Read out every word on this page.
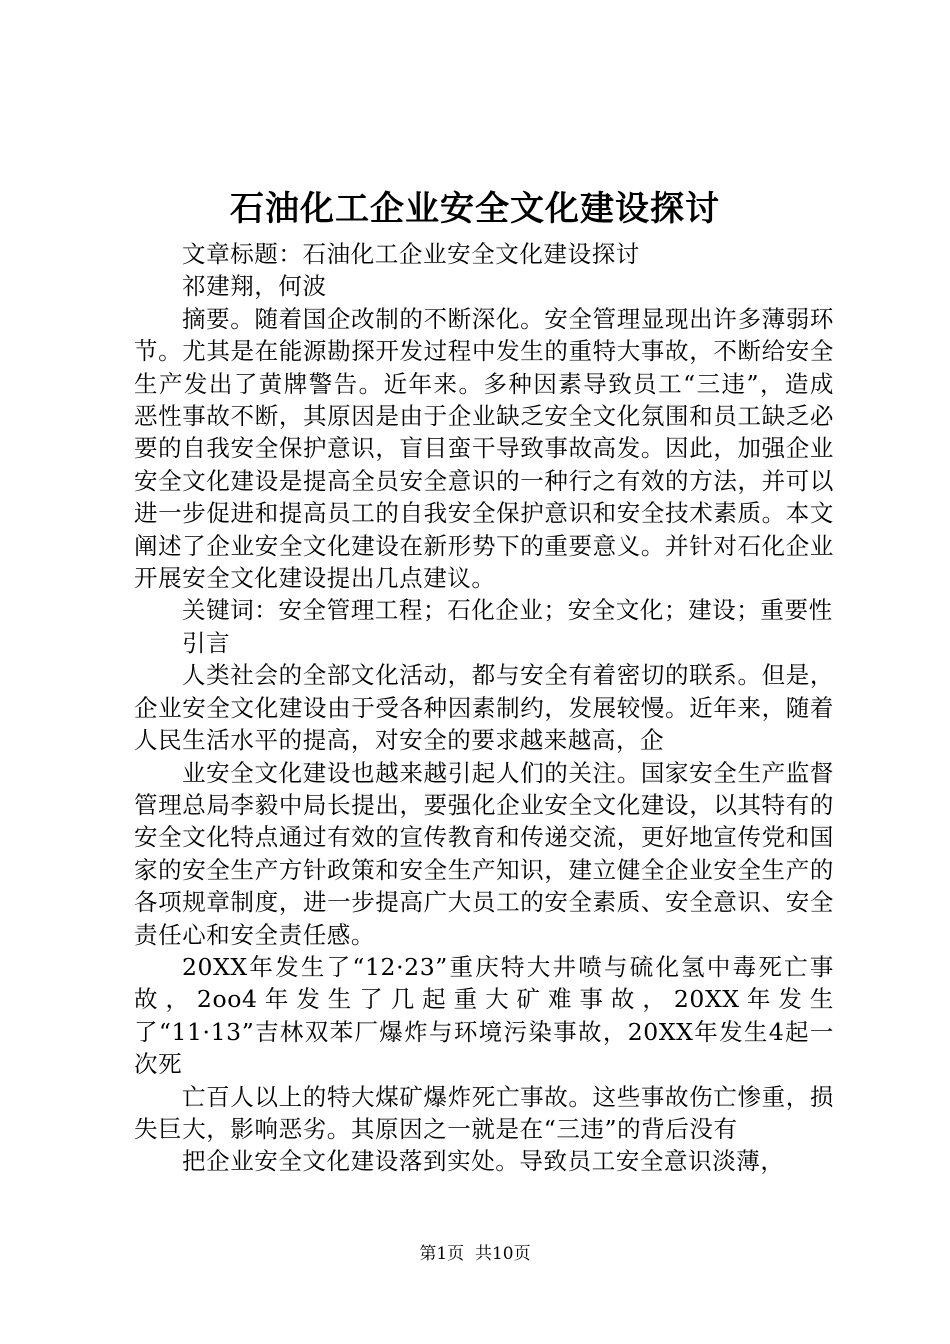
石油化工企业安全文化建设探讨

文章标题：石油化工企业安全文化建设探讨

祁建翔，何波

摘要。随着国企改制的不断深化。安全管理显现出许多薄弱环节。尤其是在能源勘探开发过程中发生的重特大事故，不断给安全生产发出了黄牌警告。近年来。多种因素导致员工“三违”，造成恶性事故不断，其原因是由于企业缺乏安全文化氛围和员工缺乏必要的自我安全保护意识，盲目蛮干导致事故高发。因此，加强企业安全文化建设是提高全员安全意识的一种行之有效的方法，并可以进一步促进和提高员工的自我安全保护意识和安全技术素质。本文阐述了企业安全文化建设在新形势下的重要意义。并针对石化企业开展安全文化建设提出几点建议。

关键词：安全管理工程；石化企业；安全文化；建设；重要性

引言

人类社会的全部文化活动，都与安全有着密切的联系。但是，企业安全文化建设由于受各种因素制约，发展较慢。近年来，随着人民生活水平的提高，对安全的要求越来越高，企

业安全文化建设也越来越引起人们的关注。国家安全生产监督管理总局李毅中局长提出，要强化企业安全文化建设，以其特有的安全文化特点通过有效的宣传教育和传递交流，更好地宣传党和国家的安全生产方针政策和安全生产知识，建立健全企业安全生产的各项规章制度，进一步提高广大员工的安全素质、安全意识、安全责任心和安全责任感。

20XX年发生了“12·23”重庆特大井喷与硫化氢中毒死亡事故，2oo4年发生了几起重大矿难事故，20XX年发生了“11·13”吉林双苯厂爆炸与环境污染事故，20XX年发生4起一次死

亡百人以上的特大煤矿爆炸死亡事故。这些事故伤亡惨重，损失巨大，影响恶劣。其原因之一就是在“三违”的背后没有

把企业安全文化建设落到实处。导致员工安全意识淡薄，

第1页  共10页
